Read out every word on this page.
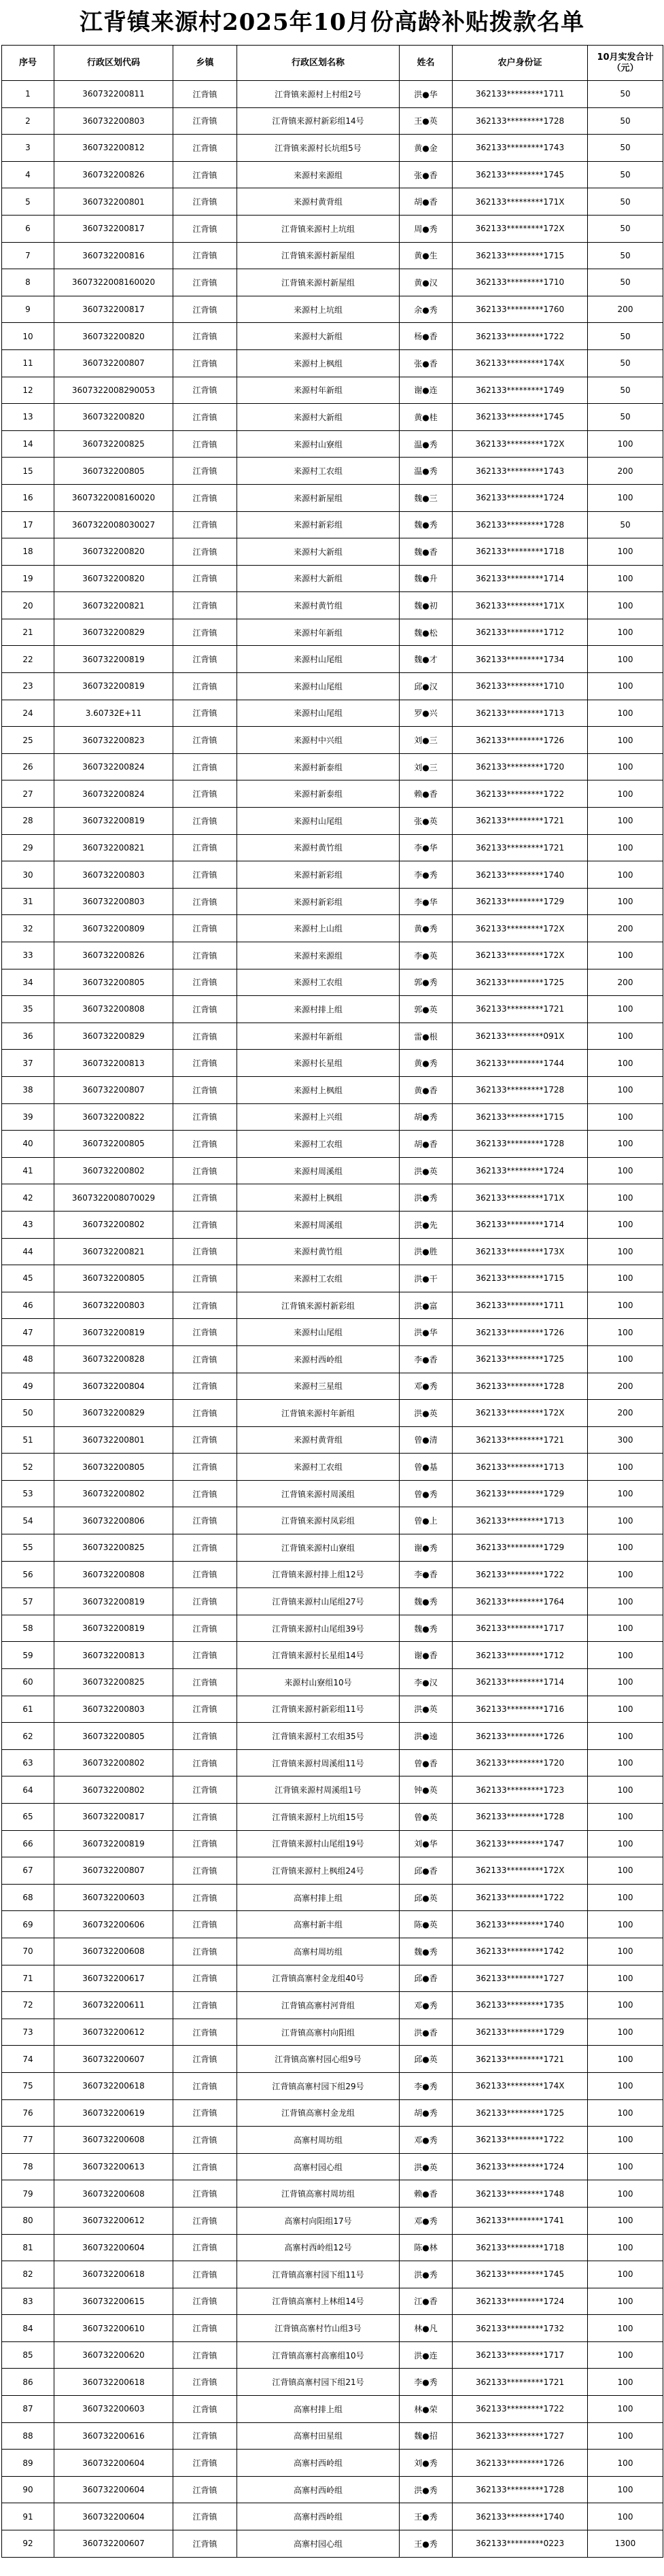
江背镇来源村2025年10月份高龄补贴拨款名单
序号	行政区划代码	乡镇	行政区划名称	姓名	农户身份证	10月实发合计（元）
1	360732200811	江背镇	江背镇来源村上村组2号	洪●华	362133*********1711	50
2	360732200803	江背镇	江背镇来源村新彩组14号	王●英	362133*********1728	50
3	360732200812	江背镇	江背镇来源村长坑组5号	黄●金	362133*********1743	50
4	360732200826	江背镇	来源村来源组	张●香	362133*********1745	50
5	360732200801	江背镇	来源村黄背组	胡●香	362133*********171X	50
6	360732200817	江背镇	江背镇来源村上坑组	周●秀	362133*********172X	50
7	360732200816	江背镇	江背镇来源村新屋组	黄●生	362133*********1715	50
8	3607322008160020	江背镇	江背镇来源村新屋组	黄●汉	362133*********1710	50
9	360732200817	江背镇	来源村上坑组	余●秀	362133*********1760	200
10	360732200820	江背镇	来源村大新组	杨●香	362133*********1722	50
11	360732200807	江背镇	来源村上枫组	张●香	362133*********174X	50
12	3607322008290053	江背镇	来源村年新组	谢●连	362133*********1749	50
13	360732200820	江背镇	来源村大新组	黄●桂	362133*********1745	50
14	360732200825	江背镇	来源村山寮组	温●秀	362133*********172X	100
15	360732200805	江背镇	来源村工农组	温●秀	362133*********1743	200
16	3607322008160020	江背镇	来源村新屋组	魏●三	362133*********1724	100
17	3607322008030027	江背镇	来源村新彩组	魏●秀	362133*********1728	50
18	360732200820	江背镇	来源村大新组	魏●香	362133*********1718	100
19	360732200820	江背镇	来源村大新组	魏●升	362133*********1714	100
20	360732200821	江背镇	来源村黄竹组	魏●初	362133*********171X	100
21	360732200829	江背镇	来源村年新组	魏●松	362133*********1712	100
22	360732200819	江背镇	来源村山尾组	魏●才	362133*********1734	100
23	360732200819	江背镇	来源村山尾组	邱●汉	362133*********1710	100
24	3.60732E+11	江背镇	来源村山尾组	罗●兴	362133*********1713	100
25	360732200823	江背镇	来源村中兴组	刘●三	362133*********1726	100
26	360732200824	江背镇	来源村新泰组	刘●三	362133*********1720	100
27	360732200824	江背镇	来源村新泰组	赖●香	362133*********1722	100
28	360732200819	江背镇	来源村山尾组	张●英	362133*********1721	100
29	360732200821	江背镇	来源村黄竹组	李●华	362133*********1721	100
30	360732200803	江背镇	来源村新彩组	李●秀	362133*********1740	100
31	360732200803	江背镇	来源村新彩组	李●华	362133*********1729	100
32	360732200809	江背镇	来源村上山组	黄●秀	362133*********172X	200
33	360732200826	江背镇	来源村来源组	李●英	362133*********172X	100
34	360732200805	江背镇	来源村工农组	郭●秀	362133*********1725	200
35	360732200808	江背镇	来源村排上组	郭●英	362133*********1721	100
36	360732200829	江背镇	来源村年新组	雷●根	362133*********091X	100
37	360732200813	江背镇	来源村长星组	黄●秀	362133*********1744	100
38	360732200807	江背镇	来源村上枫组	黄●香	362133*********1728	100
39	360732200822	江背镇	来源村上兴组	胡●秀	362133*********1715	100
40	360732200805	江背镇	来源村工农组	胡●香	362133*********1728	100
41	360732200802	江背镇	来源村周溪组	洪●英	362133*********1724	100
42	3607322008070029	江背镇	来源村上枫组	洪●秀	362133*********171X	100
43	360732200802	江背镇	来源村周溪组	洪●先	362133*********1714	100
44	360732200821	江背镇	来源村黄竹组	洪●胜	362133*********173X	100
45	360732200805	江背镇	来源村工农组	洪●干	362133*********1715	100
46	360732200803	江背镇	江背镇来源村新彩组	洪●富	362133*********1711	100
47	360732200819	江背镇	来源村山尾组	洪●华	362133*********1726	100
48	360732200828	江背镇	来源村西岭组	李●香	362133*********1725	100
49	360732200804	江背镇	来源村三星组	邓●秀	362133*********1728	200
50	360732200829	江背镇	江背镇来源村年新组	洪●英	362133*********172X	200
51	360732200801	江背镇	来源村黄背组	曾●清	362133*********1721	300
52	360732200805	江背镇	来源村工农组	曾●基	362133*********1713	100
53	360732200802	江背镇	江背镇来源村周溪组	曾●秀	362133*********1729	100
54	360732200806	江背镇	江背镇来源村凤彩组	曾●上	362133*********1713	100
55	360732200825	江背镇	江背镇来源村山寮组	谢●秀	362133*********1729	100
56	360732200808	江背镇	江背镇来源村排上组12号	李●香	362133*********1722	100
57	360732200819	江背镇	江背镇来源村山尾组27号	魏●秀	362133*********1764	100
58	360732200819	江背镇	江背镇来源村山尾组39号	魏●秀	362133*********1717	100
59	360732200813	江背镇	江背镇来源村长星组14号	谢●香	362133*********1712	100
60	360732200825	江背镇	来源村山寮组10号	李●汉	362133*********1714	100
61	360732200803	江背镇	江背镇来源村新彩组11号	洪●英	362133*********1716	100
62	360732200805	江背镇	江背镇来源村工农组35号	洪●逵	362133*********1726	100
63	360732200802	江背镇	江背镇来源村周溪组11号	曾●香	362133*********1720	100
64	360732200802	江背镇	江背镇来源村周溪组1号	钟●英	362133*********1723	100
65	360732200817	江背镇	江背镇来源村上坑组15号	曾●英	362133*********1728	100
66	360732200819	江背镇	江背镇来源村山尾组19号	刘●华	362133*********1747	100
67	360732200807	江背镇	江背镇来源村上枫组24号	邱●香	362133*********172X	100
68	360732200603	江背镇	高寨村排上组	邱●英	362133*********1722	100
69	360732200606	江背镇	高寨村新丰组	陈●英	362133*********1740	100
70	360732200608	江背镇	高寨村周坊组	魏●秀	362133*********1742	100
71	360732200617	江背镇	江背镇高寨村金龙组40号	邱●香	362133*********1727	100
72	360732200611	江背镇	江背镇高寨村河背组	邓●秀	362133*********1735	100
73	360732200612	江背镇	江背镇高寨村向阳组	洪●香	362133*********1729	100
74	360732200607	江背镇	江背镇高寨村园心组9号	邱●英	362133*********1721	100
75	360732200618	江背镇	江背镇高寨村园下组29号	李●秀	362133*********174X	100
76	360732200619	江背镇	江背镇高寨村金龙组	胡●秀	362133*********1725	100
77	360732200608	江背镇	高寨村周坊组	邓●秀	362133*********1722	100
78	360732200613	江背镇	高寨村园心组	洪●英	362133*********1724	100
79	360732200608	江背镇	江背镇高寨村周坊组	赖●香	362133*********1748	100
80	360732200612	江背镇	高寨村向阳组17号	邓●秀	362133*********1741	100
81	360732200604	江背镇	高寨村西岭组12号	陈●林	362133*********1718	100
82	360732200618	江背镇	江背镇高寨村园下组11号	洪●秀	362133*********1745	100
83	360732200615	江背镇	江背镇高寨村上林组14号	江●香	362133*********1724	100
84	360732200610	江背镇	江背镇高寨村竹山组3号	林●凡	362133*********1732	100
85	360732200620	江背镇	江背镇高寨村高寨组10号	洪●连	362133*********1717	100
86	360732200618	江背镇	江背镇高寨村园下组21号	李●秀	362133*********1721	100
87	360732200603	江背镇	高寨村排上组	林●荣	362133*********1722	100
88	360732200616	江背镇	高寨村田星组	魏●招	362133*********1727	100
89	360732200604	江背镇	高寨村西岭组	刘●秀	362133*********1726	100
90	360732200604	江背镇	高寨村西岭组	洪●秀	362133*********1728	100
91	360732200604	江背镇	高寨村西岭组	王●秀	362133*********1740	100
92	360732200607	江背镇	高寨村园心组	王●秀	362133*********0223	1300
